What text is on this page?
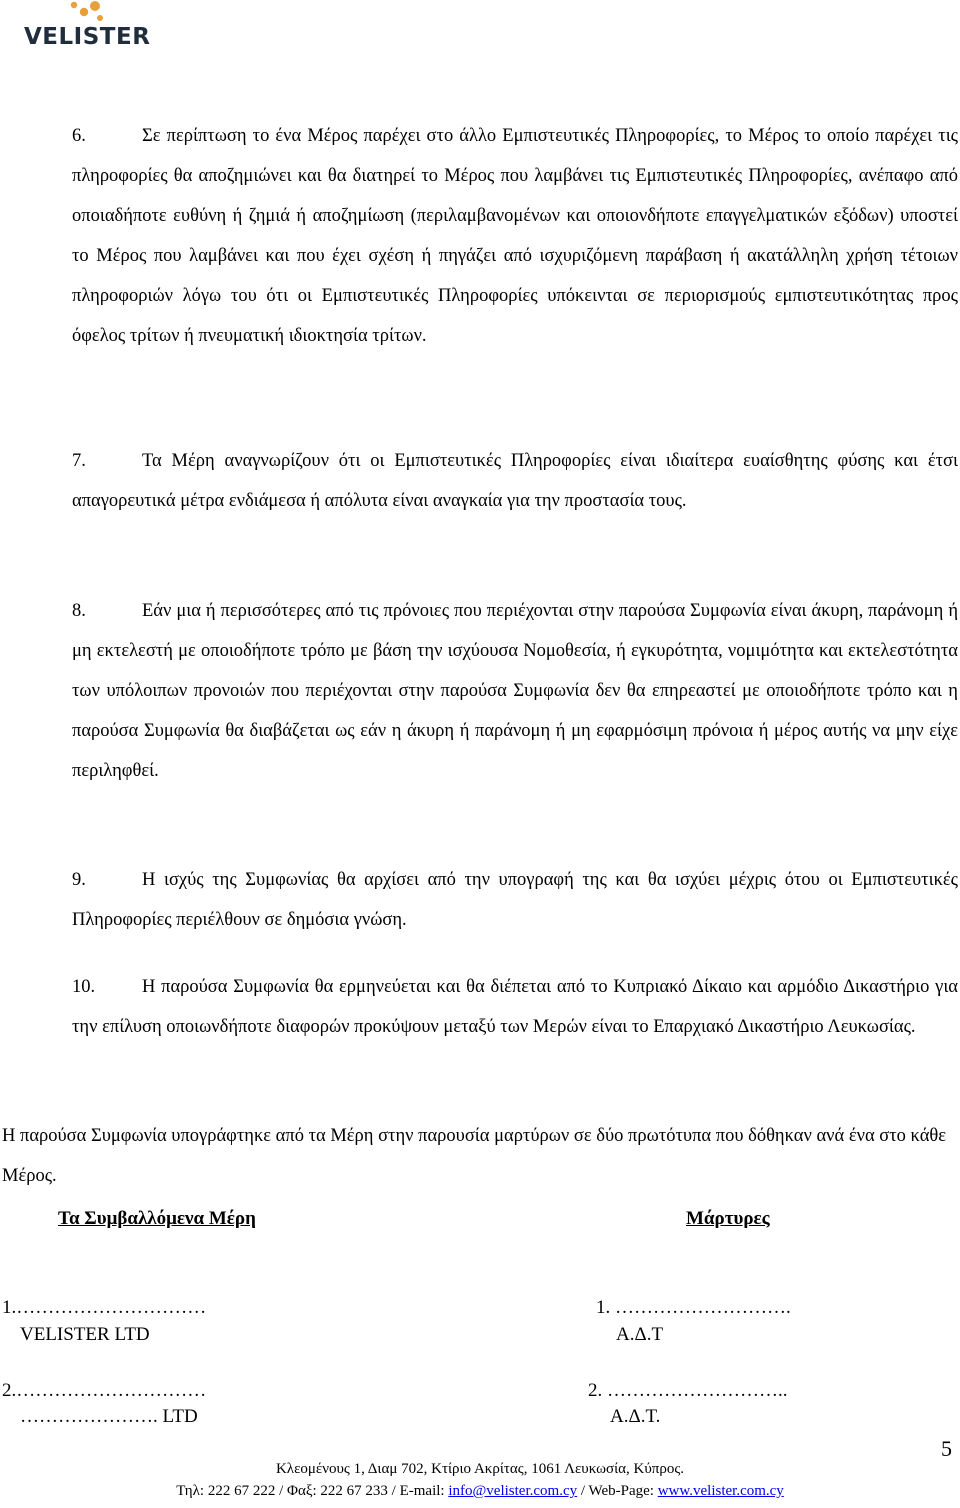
VELISTER
6.	Σε περίπτωση το ένα Μέρος παρέχει στο άλλο Εμπιστευτικές Πληροφορίες, το Μέρος το οποίο παρέχει τις πληροφορίες θα αποζημιώνει και θα διατηρεί το Μέρος που λαμβάνει τις Εμπιστευτικές Πληροφορίες, ανέπαφο από οποιαδήποτε ευθύνη ή ζημιά ή αποζημίωση (περιλαμβανομένων και οποιονδήποτε επαγγελματικών εξόδων) υποστεί το Μέρος που λαμβάνει και που έχει σχέση ή πηγάζει από ισχυριζόμενη παράβαση ή ακατάλληλη χρήση τέτοιων πληροφοριών λόγω του ότι οι Εμπιστευτικές Πληροφορίες υπόκεινται σε περιορισμούς εμπιστευτικότητας προς όφελος τρίτων ή πνευματική ιδιοκτησία τρίτων.
7.	Τα Μέρη αναγνωρίζουν ότι οι Εμπιστευτικές Πληροφορίες είναι ιδιαίτερα ευαίσθητης φύσης και έτσι απαγορευτικά μέτρα ενδιάμεσα ή απόλυτα είναι αναγκαία για την προστασία τους.
8.	Εάν μια ή περισσότερες από τις πρόνοιες που περιέχονται στην παρούσα Συμφωνία είναι άκυρη, παράνομη ή μη εκτελεστή με οποιοδήποτε τρόπο με βάση την ισχύουσα Νομοθεσία, ή εγκυρότητα, νομιμότητα και εκτελεστότητα των υπόλοιπων προνοιών που περιέχονται στην παρούσα Συμφωνία δεν θα επηρεαστεί με οποιοδήποτε τρόπο και η παρούσα Συμφωνία θα διαβάζεται ως εάν η άκυρη ή παράνομη ή μη εφαρμόσιμη πρόνοια ή μέρος αυτής να μην είχε περιληφθεί.
9.	Η ισχύς της Συμφωνίας θα αρχίσει από την υπογραφή της και θα ισχύει μέχρις ότου οι Εμπιστευτικές Πληροφορίες περιέλθουν σε δημόσια γνώση.
10.	Η παρούσα Συμφωνία θα ερμηνεύεται και θα διέπεται από το Κυπριακό Δίκαιο και αρμόδιο Δικαστήριο για την επίλυση οποιωνδήποτε διαφορών προκύψουν μεταξύ των Μερών είναι το Επαρχιακό Δικαστήριο Λευκωσίας.
Η παρούσα Συμφωνία υπογράφτηκε από τα Μέρη στην παρουσία μαρτύρων σε δύο πρωτότυπα που δόθηκαν ανά ένα στο κάθε Μέρος.
Τα Συμβαλλόμενα Μέρη	Μάρτυρες
1.…………………………
VELISTER LTD
2.…………………………
…………………. LTD
1. ……………………….
Α.Δ.Τ
2. ………………………..
Α.Δ.Τ.
5
Κλεομένους 1, Διαμ 702, Κτίριο Ακρίτας, 1061 Λευκωσία, Κύπρος.
Τηλ: 222 67 222 / Φαξ: 222 67 233 / E-mail: info@velister.com.cy / Web-Page: www.velister.com.cy
